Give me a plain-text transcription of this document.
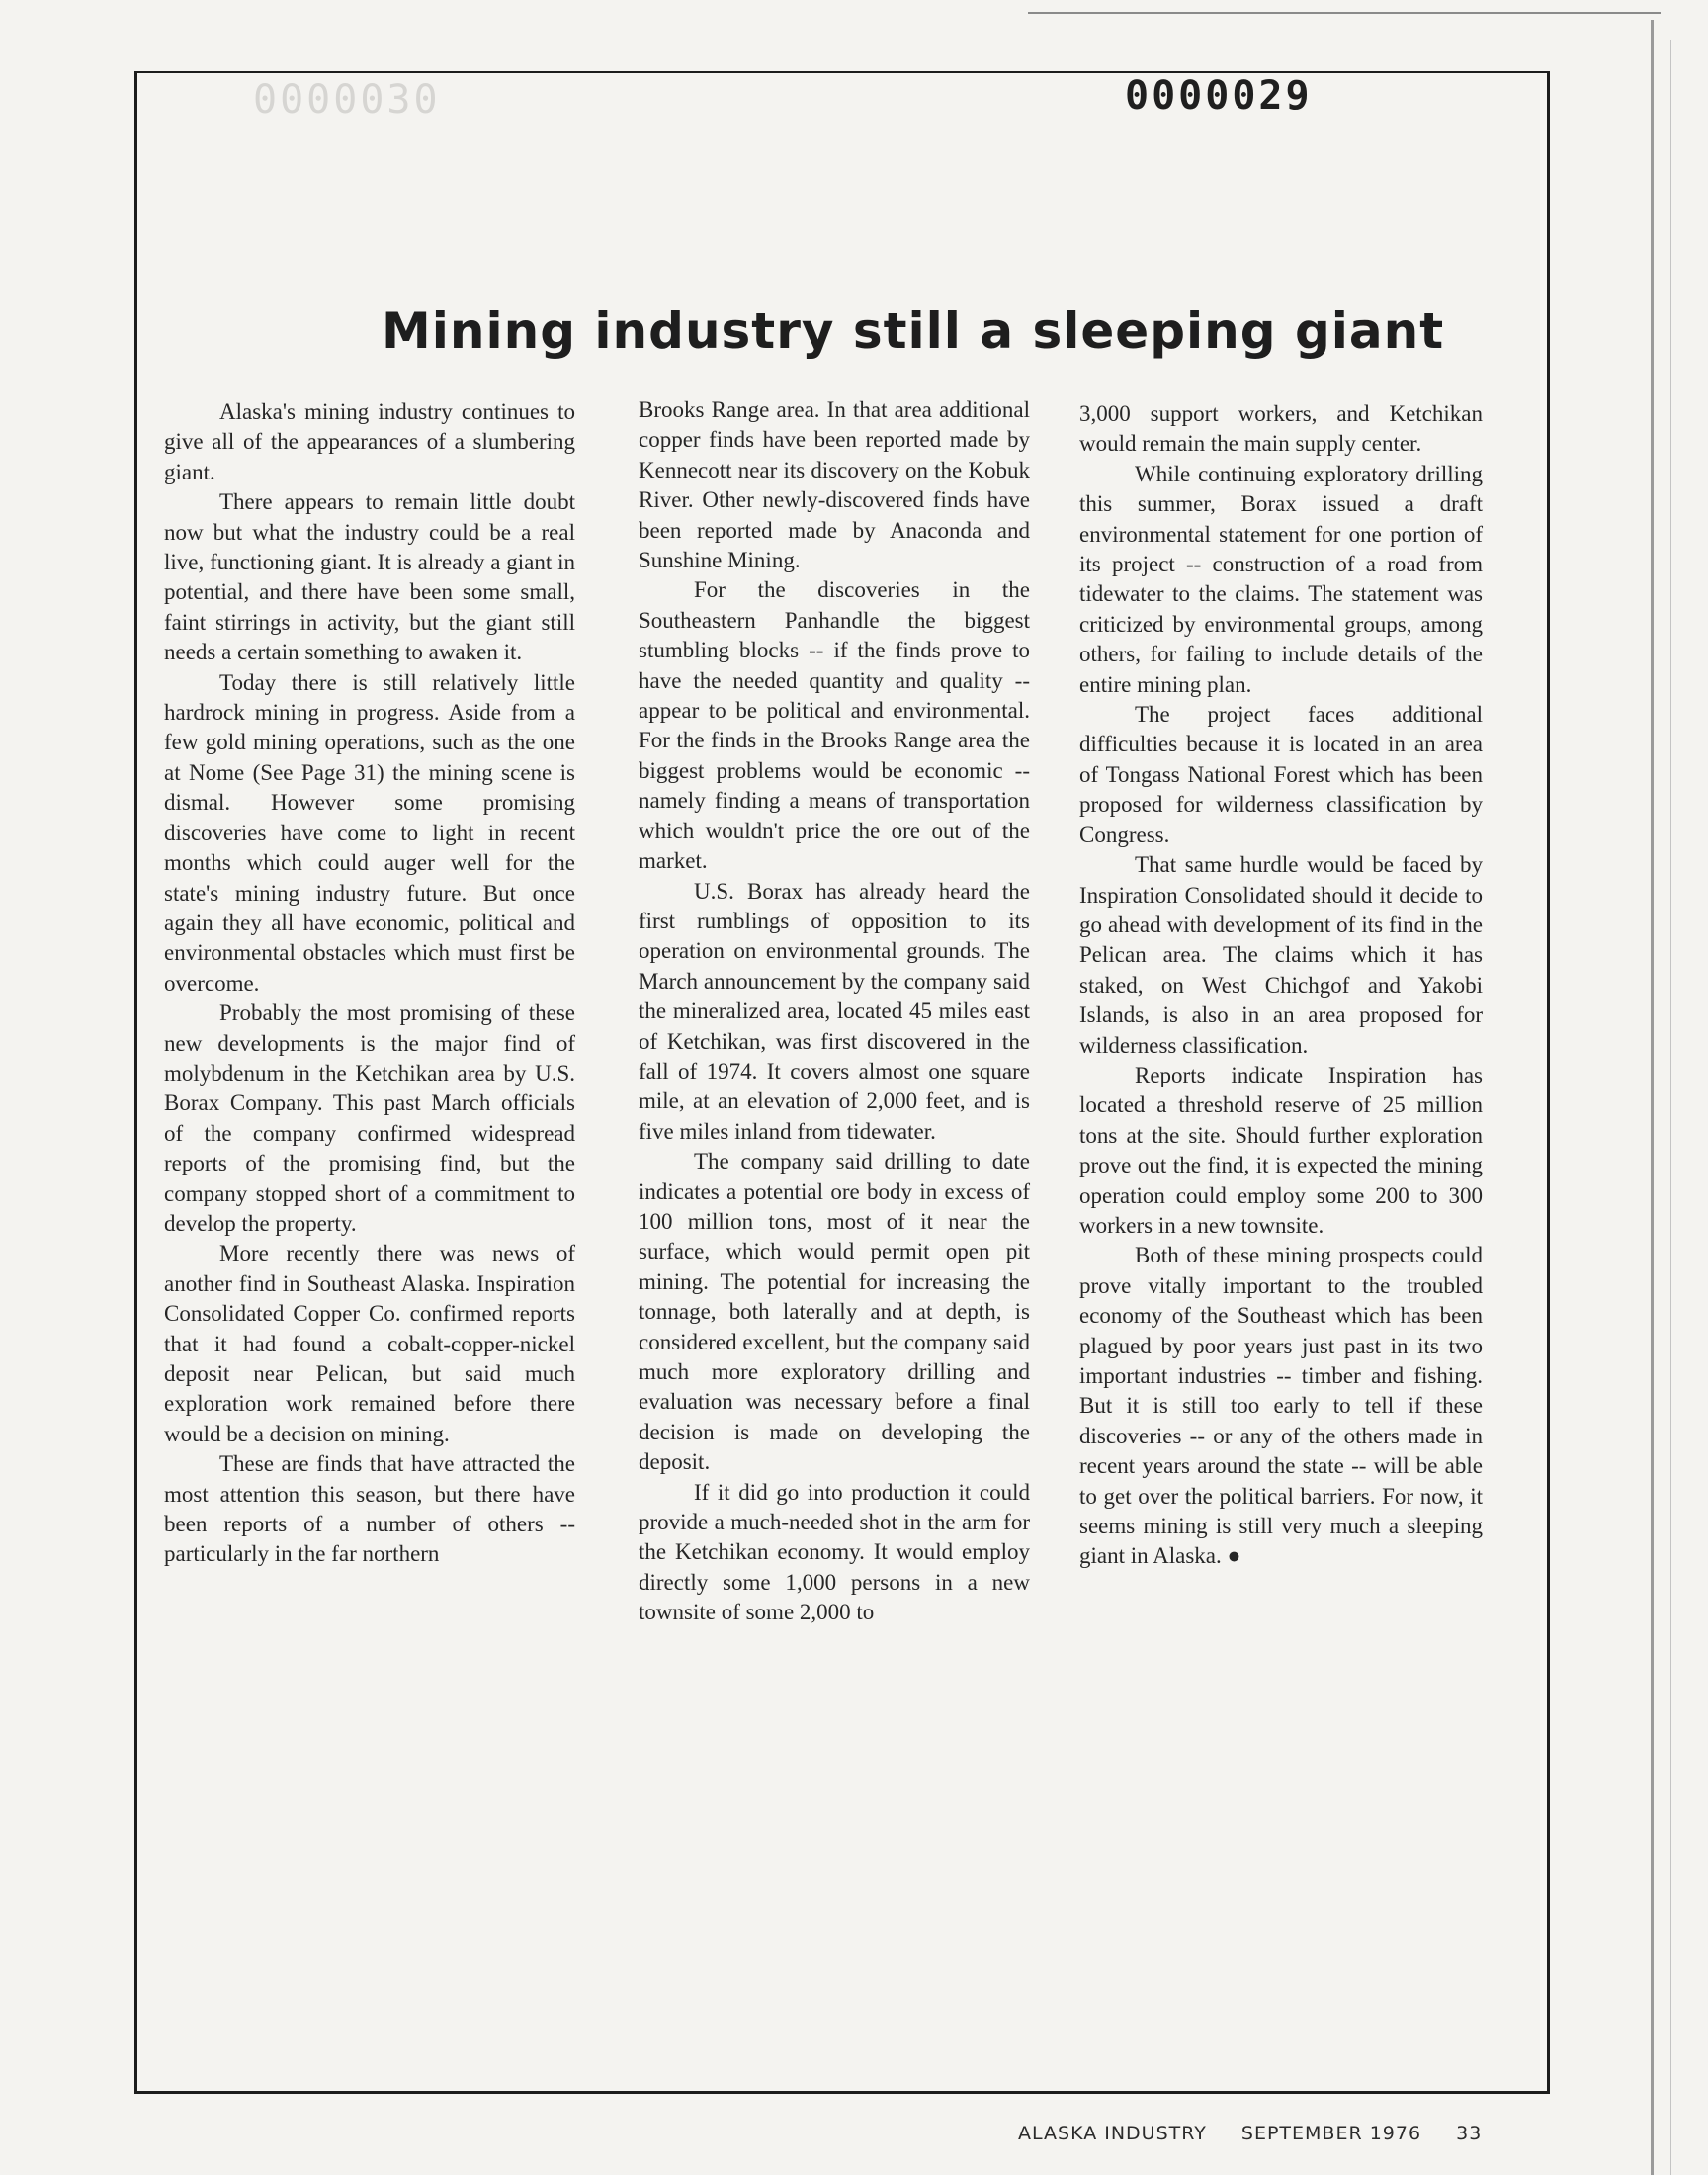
0000030	0000029
Mining industry still a sleeping giant

Alaska's mining industry continues to give all of the appearances of a slumbering giant.

There appears to remain little doubt now but what the industry could be a real live, functioning giant. It is already a giant in potential, and there have been some small, faint stirrings in activity, but the giant still needs a certain something to awaken it.

Today there is still relatively little hardrock mining in progress. Aside from a few gold mining operations, such as the one at Nome (See Page 31) the mining scene is dismal. However some promising discoveries have come to light in recent months which could auger well for the state's mining industry future. But once again they all have economic, political and environmental obstacles which must first be overcome.

Probably the most promising of these new developments is the major find of molybdenum in the Ketchikan area by U.S. Borax Company. This past March officials of the company confirmed widespread reports of the promising find, but the company stopped short of a commitment to develop the property.

More recently there was news of another find in Southeast Alaska. Inspiration Consolidated Copper Co. confirmed reports that it had found a cobalt-copper-nickel deposit near Pelican, but said much exploration work remained before there would be a decision on mining.

These are finds that have attracted the most attention this season, but there have been reports of a number of others -- particularly in the far northern

Brooks Range area. In that area additional copper finds have been reported made by Kennecott near its discovery on the Kobuk River. Other newly-discovered finds have been reported made by Anaconda and Sunshine Mining.

For the discoveries in the Southeastern Panhandle the biggest stumbling blocks -- if the finds prove to have the needed quantity and quality -- appear to be political and environmental. For the finds in the Brooks Range area the biggest problems would be economic -- namely finding a means of transportation which wouldn't price the ore out of the market.

U.S. Borax has already heard the first rumblings of opposition to its operation on environmental grounds. The March announcement by the company said the mineralized area, located 45 miles east of Ketchikan, was first discovered in the fall of 1974. It covers almost one square mile, at an elevation of 2,000 feet, and is five miles inland from tidewater.

The company said drilling to date indicates a potential ore body in excess of 100 million tons, most of it near the surface, which would permit open pit mining. The potential for increasing the tonnage, both laterally and at depth, is considered excellent, but the company said much more exploratory drilling and evaluation was necessary before a final decision is made on developing the deposit.

If it did go into production it could provide a much-needed shot in the arm for the Ketchikan economy. It would employ directly some 1,000 persons in a new townsite of some 2,000 to

3,000 support workers, and Ketchikan would remain the main supply center.

While continuing exploratory drilling this summer, Borax issued a draft environmental statement for one portion of its project -- construction of a road from tidewater to the claims. The statement was criticized by environmental groups, among others, for failing to include details of the entire mining plan.

The project faces additional difficulties because it is located in an area of Tongass National Forest which has been proposed for wilderness classification by Congress.

That same hurdle would be faced by Inspiration Consolidated should it decide to go ahead with development of its find in the Pelican area. The claims which it has staked, on West Chichgof and Yakobi Islands, is also in an area proposed for wilderness classification.

Reports indicate Inspiration has located a threshold reserve of 25 million tons at the site. Should further exploration prove out the find, it is expected the mining operation could employ some 200 to 300 workers in a new townsite.

Both of these mining prospects could prove vitally important to the troubled economy of the Southeast which has been plagued by poor years just past in its two important industries -- timber and fishing. But it is still too early to tell if these discoveries -- or any of the others made in recent years around the state -- will be able to get over the political barriers. For now, it seems mining is still very much a sleeping giant in Alaska. ●

ALASKA INDUSTRY SEPTEMBER 1976 33
